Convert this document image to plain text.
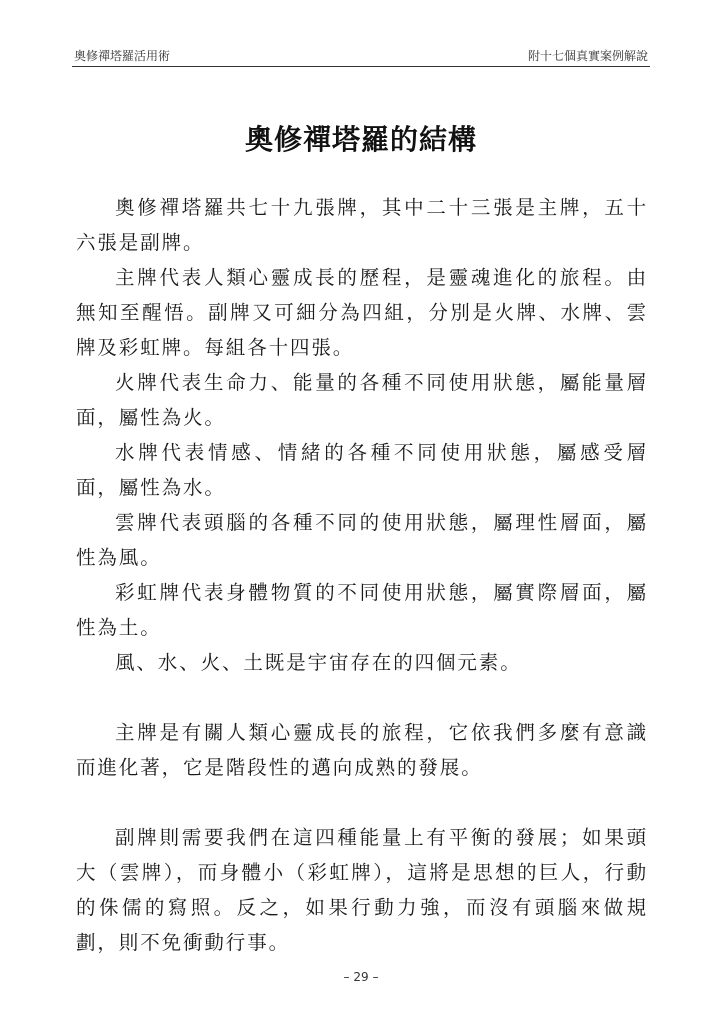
奧修禪塔羅活用術	附十七個真實案例解說
奧修禪塔羅的結構

奧修禪塔羅共七十九張牌，其中二十三張是主牌，五十六張是副牌。

主牌代表人類心靈成長的歷程，是靈魂進化的旅程。由無知至醒悟。副牌又可細分為四組，分別是火牌、水牌、雲牌及彩虹牌。每組各十四張。

火牌代表生命力、能量的各種不同使用狀態，屬能量層面，屬性為火。

水牌代表情感、情緒的各種不同使用狀態，屬感受層面，屬性為水。

雲牌代表頭腦的各種不同的使用狀態，屬理性層面，屬性為風。

彩虹牌代表身體物質的不同使用狀態，屬實際層面，屬性為土。

風、水、火、土既是宇宙存在的四個元素。

主牌是有關人類心靈成長的旅程，它依我們多麼有意識而進化著，它是階段性的邁向成熟的發展。

副牌則需要我們在這四種能量上有平衡的發展；如果頭大（雲牌），而身體小（彩虹牌），這將是思想的巨人，行動的侏儒的寫照。反之，如果行動力強，而沒有頭腦來做規劃，則不免衝動行事。

– 29 –
